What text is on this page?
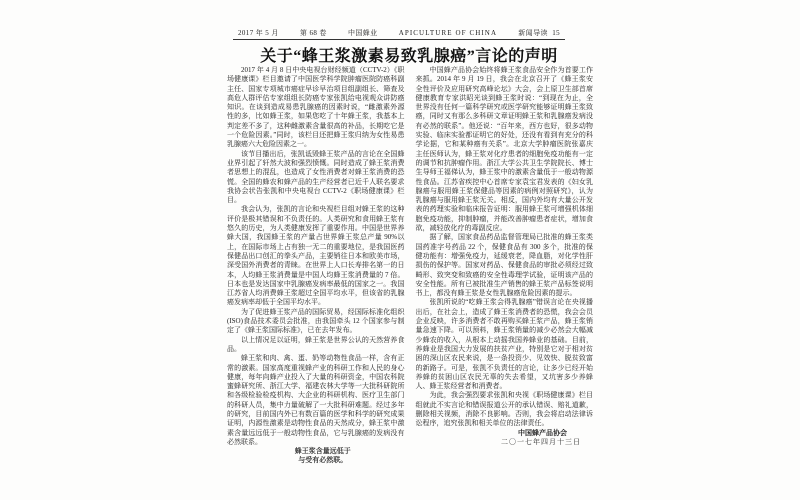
2017 年 5 月	第 68 卷	中国蜂业	APICULTURE OF CHINA	新闻导读 15
关于“蜂王浆激素易致乳腺癌”言论的声明

2017 年 4 月 8 日中央电视台财经频道（CCTV-2）《职场健康课》栏目邀请了中国医学科学院肿瘤医院防癌科副主任、国家专项城市癌症早诊早治项目组副组长、筛查及高危人群评估专家组组长防癌专家张凯给电视观众讲防癌知识。在谈到造成易患乳腺癌的因素时说，“雌激素外源性的多，比如蜂王浆，如果您吃了十年蜂王浆，我基本上判定差不多了，这种雌激素含量很高的补品，长期吃它是一个危险因素。”同时，该栏目还把蜂王浆归纳为女性易患乳腺癌六大危险因素之一。

该节目播出后，张凯诋毁蜂王浆产品的言论在全国蜂业界引起了轩然大波和强烈愤慨。同时造成了蜂王浆消费者思想上的混乱，也造成了女性消费者对蜂王浆消费的恐慌。全国的蜂农和蜂产品的生产经营者已近千人联名要求我协会状告张凯和中央电视台 CCTV-2《职场健康课》栏目。

我会认为，张凯的言论和央视栏目组对蜂王浆的这种评价是极其错误和不负责任的。人类研究和食用蜂王浆有悠久的历史，为人类健康发挥了重要作用。中国是世界养蜂大国，我国蜂王浆的产量占世界蜂王浆总产量 90%以上，在国际市场上占有独一无二的重要地位，是我国医药保健品出口创汇的拳头产品，主要销往日本和欧美市场，深受国外消费者的青睐。在世界上人口长寿排名第一的日本，人均蜂王浆消费量是中国人均蜂王浆消费量的 7 倍。日本也是发达国家中乳腺癌发病率最低的国家之一。我国江苏省人均消费蜂王浆超过全国平均水平，但该省的乳腺癌发病率却低于全国平均水平。

为了促进蜂王浆产品的国际贸易，经国际标准化组织(ISO)食品技术委员会批准，由我国牵头 12 个国家参与制定了《蜂王浆国际标准》，已在去年发布。

以上情况足以证明，蜂王浆是世界公认的天然营养食品。

蜂王浆和肉、禽、蛋、奶等动物性食品一样，含有正常的激素。国家高度重视蜂产业的科研工作和人民的身心健康，每年向蜂产业投入了大量的科研资金，中国农科院蜜蜂研究所、浙江大学、福建农林大学等一大批科研院所和各级检验检疫机构、大企业的科研机构、医疗卫生部门的科研人员，集中力量破解了一大批科研难题。经过多年的研究，目前国内外已有数百篇的医学和科学的研究成果证明，内源性激素是动物性食品的天然成分，蜂王浆中激素含量远远低于一般动物性食品，它与乳腺癌的发病没有必然联系。

蜂王浆含量远低于

与受有必然联。

中国蜂产品协会始终将蜂王浆食品安全作为首要工作来抓。2014 年 9 月 19 日，我会在北京召开了《蜂王浆安全性评价及应用研究高峰论坛》大会，会上原卫生部首席健康教育专家洪昭光谈到蜂王浆时说：“到现在为止，全世界没有任何一篇科学研究或医学研究能够证明蜂王浆致癌，同时又有那么多科研文章证明蜂王浆和乳腺癌发病没有必然的联系”。他还说：“百年来，西方也好，很多动物实验、临床实验都证明它的好处，还没有看到有充分的科学论据，它和某种癌有关系”。北京大学肿瘤医院张嘉庆主任医师认为，蜂王浆对化疗患者的细胞免疫功能有一定的调节和抗肿瘤作用。浙江大学公共卫生学院院长、博士生导师王福俤认为，蜂王浆中的激素含量低于一般动物源性食品。江苏省疾控中心首席专家袁宝君发表的《妇女乳腺癌与服用蜂王浆保健品等因素的病例对照研究》，认为乳腺癌与服用蜂王浆无关。相反，国内外均有大量公开发表的药理实验和临床报告证明：服用蜂王浆可增强机体细胞免疫功能，抑制肿瘤，并能改善肿瘤患者症状，增加食欲，减轻放化疗的毒副反应。

据了解，国家食品药品监督管理局已批准的蜂王浆类国药准字号药品 22 个，保健食品有 300 多个，批准的保健功能有：增强免疫力，延缓衰老，降血脂，对化学性肝损伤的保护等。国家对药品、保健食品的审批必须经过致畸形、致突变和致癌的安全性毒理学试验，证明该产品的安全性能。所有已被批准生产销售的蜂王浆产品标签说明书上，都没有蜂王浆是女性乳腺癌危险因素的提示。

张凯所说的“吃蜂王浆会得乳腺癌”错误言论在央视播出后，在社会上，造成了蜂王浆消费者的恐慌，我会会员企业反映，许多消费者不敢再购买蜂王浆产品，蜂王浆销量急速下降。可以预料，蜂王浆销量的减少必然会大幅减少蜂农的收入，从根本上动摇我国养蜂业的基础。目前，养蜂业是我国大力发展的扶贫产业，特别是它对于相对贫困的深山区农民来说，是一条投资少、见效快、脱贫致富的新路子。可是，张凯不负责任的言论，让多少已经开始养蜂的贫困山区农民无辜的失去希望，又坑害多少养蜂人、蜂王浆经营者和消费者。

为此，我会强烈要求张凯和央视《职场健康课》栏目组就此不实言论和错误报道公开的承认错误、赔礼道歉，删除相关视频，消除不良影响。否则，我会将启动法律诉讼程序，追究张凯和相关单位的法律责任。

中国蜂产品协会

二〇一七年四月十三日
